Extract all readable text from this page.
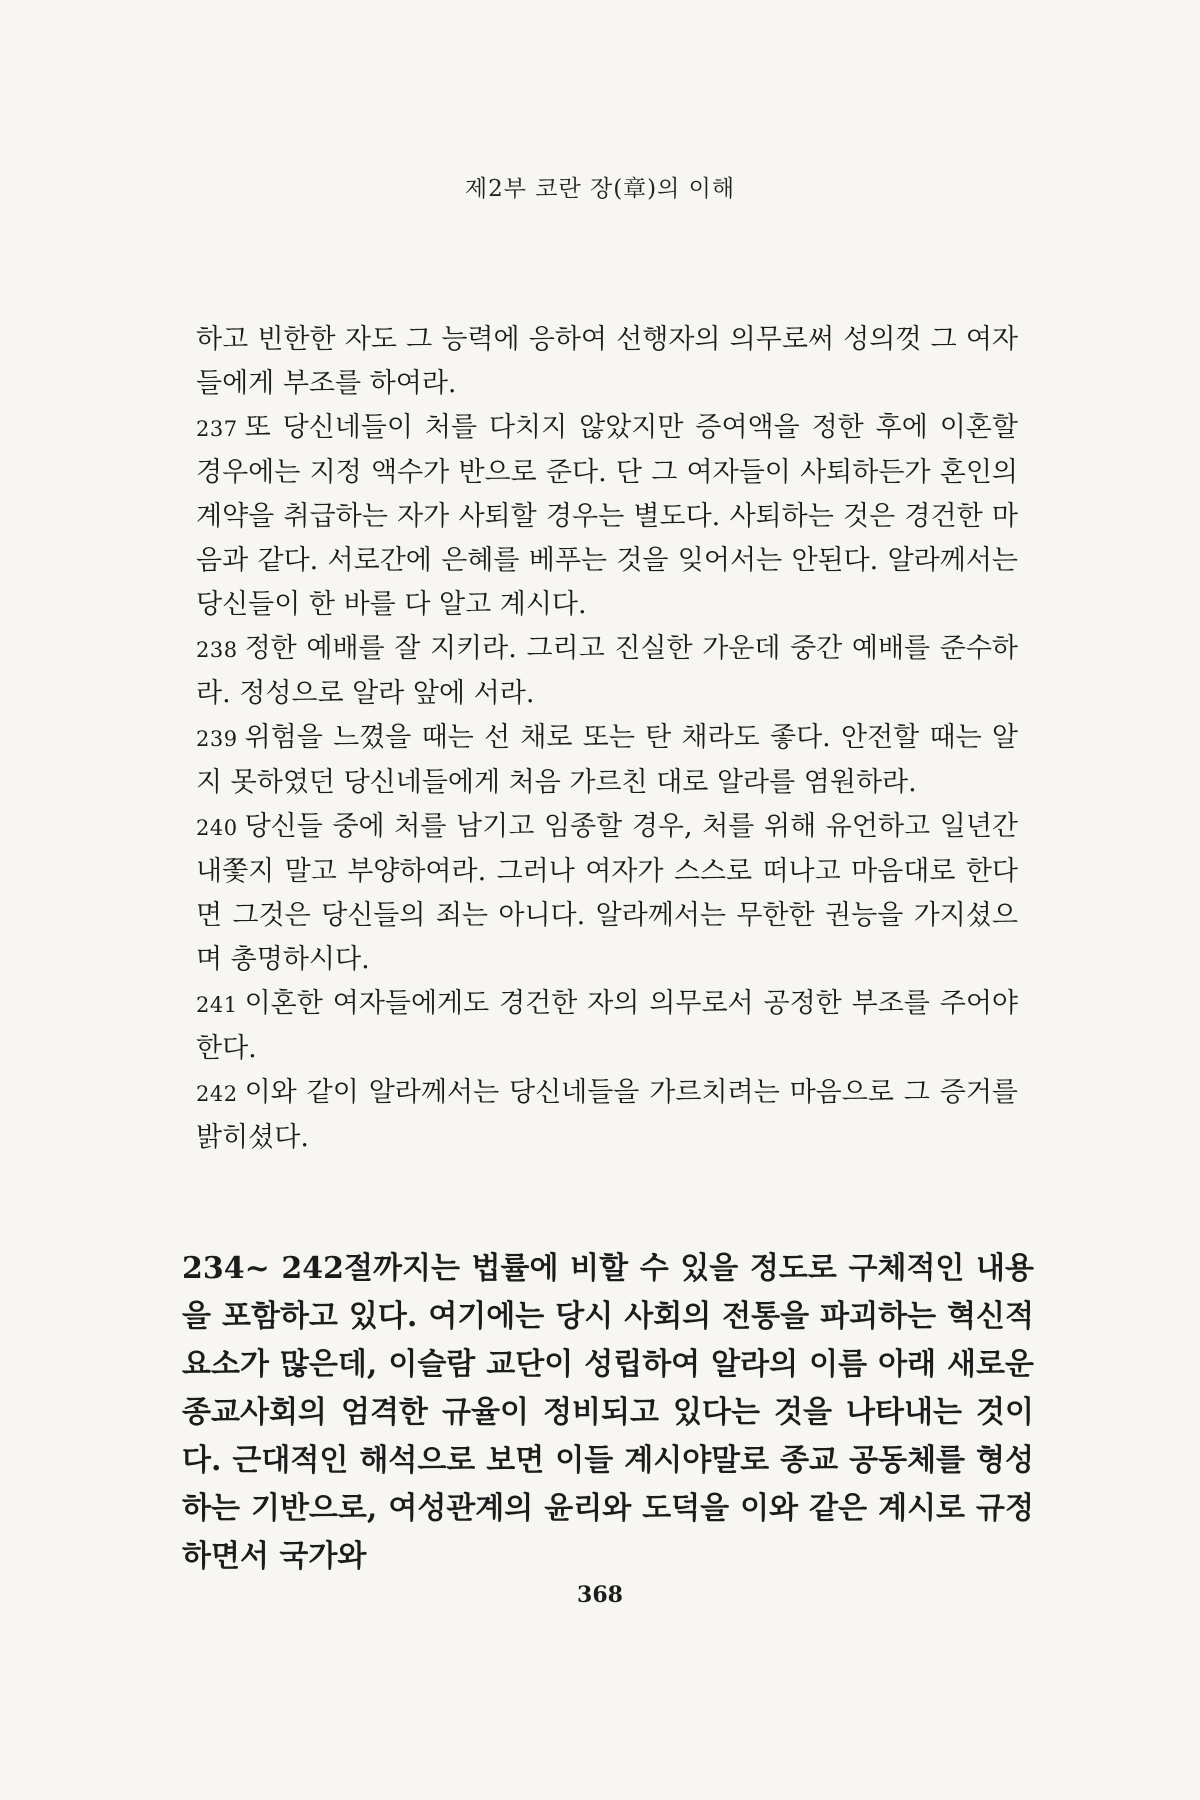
제2부 코란 장(章)의 이해

하고 빈한한 자도 그 능력에 응하여 선행자의 의무로써 성의껏 그 여자들에게 부조를 하여라.

237 또 당신네들이 처를 다치지 않았지만 증여액을 정한 후에 이혼할 경우에는 지정 액수가 반으로 준다. 단 그 여자들이 사퇴하든가 혼인의 계약을 취급하는 자가 사퇴할 경우는 별도다. 사퇴하는 것은 경건한 마음과 같다. 서로간에 은혜를 베푸는 것을 잊어서는 안된다. 알라께서는 당신들이 한 바를 다 알고 계시다.

238 정한 예배를 잘 지키라. 그리고 진실한 가운데 중간 예배를 준수하라. 정성으로 알라 앞에 서라.

239 위험을 느꼈을 때는 선 채로 또는 탄 채라도 좋다. 안전할 때는 알지 못하였던 당신네들에게 처음 가르친 대로 알라를 염원하라.

240 당신들 중에 처를 남기고 임종할 경우, 처를 위해 유언하고 일년간 내쫓지 말고 부양하여라. 그러나 여자가 스스로 떠나고 마음대로 한다면 그것은 당신들의 죄는 아니다. 알라께서는 무한한 권능을 가지셨으며 총명하시다.

241 이혼한 여자들에게도 경건한 자의 의무로서 공정한 부조를 주어야 한다.

242 이와 같이 알라께서는 당신네들을 가르치려는 마음으로 그 증거를 밝히셨다.

234~ 242절까지는 법률에 비할 수 있을 정도로 구체적인 내용을 포함하고 있다. 여기에는 당시 사회의 전통을 파괴하는 혁신적 요소가 많은데, 이슬람 교단이 성립하여 알라의 이름 아래 새로운 종교사회의 엄격한 규율이 정비되고 있다는 것을 나타내는 것이다. 근대적인 해석으로 보면 이들 계시야말로 종교 공동체를 형성하는 기반으로, 여성관계의 윤리와 도덕을 이와 같은 계시로 규정하면서 국가와

368
